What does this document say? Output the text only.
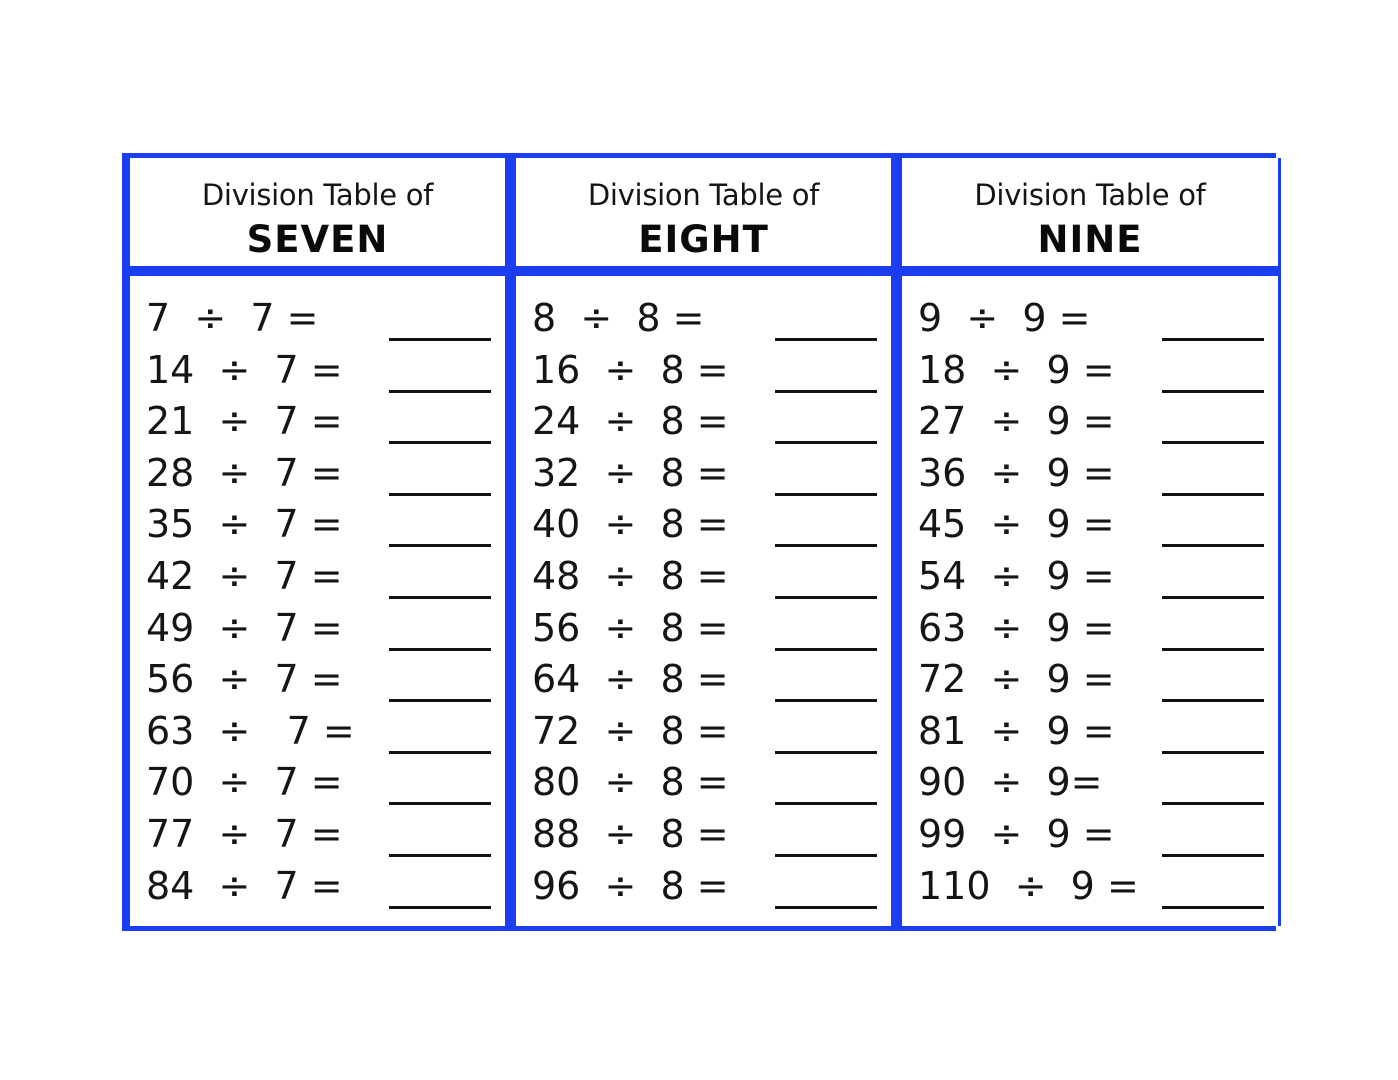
Division Table of
SEVEN
7  ÷  7 =
14  ÷  7 =
21  ÷  7 =
28  ÷  7 =
35  ÷  7 =
42  ÷  7 =
49  ÷  7 =
56  ÷  7 =
63  ÷   7 =
70  ÷  7 =
77  ÷  7 =
84  ÷  7 =
Division Table of
EIGHT
8  ÷  8 =
16  ÷  8 =
24  ÷  8 =
32  ÷  8 =
40  ÷  8 =
48  ÷  8 =
56  ÷  8 =
64  ÷  8 =
72  ÷  8 =
80  ÷  8 =
88  ÷  8 =
96  ÷  8 =
Division Table of
NINE
9  ÷  9 =
18  ÷  9 =
27  ÷  9 =
36  ÷  9 =
45  ÷  9 =
54  ÷  9 =
63  ÷  9 =
72  ÷  9 =
81  ÷  9 =
90  ÷  9=
99  ÷  9 =
110  ÷  9 =
